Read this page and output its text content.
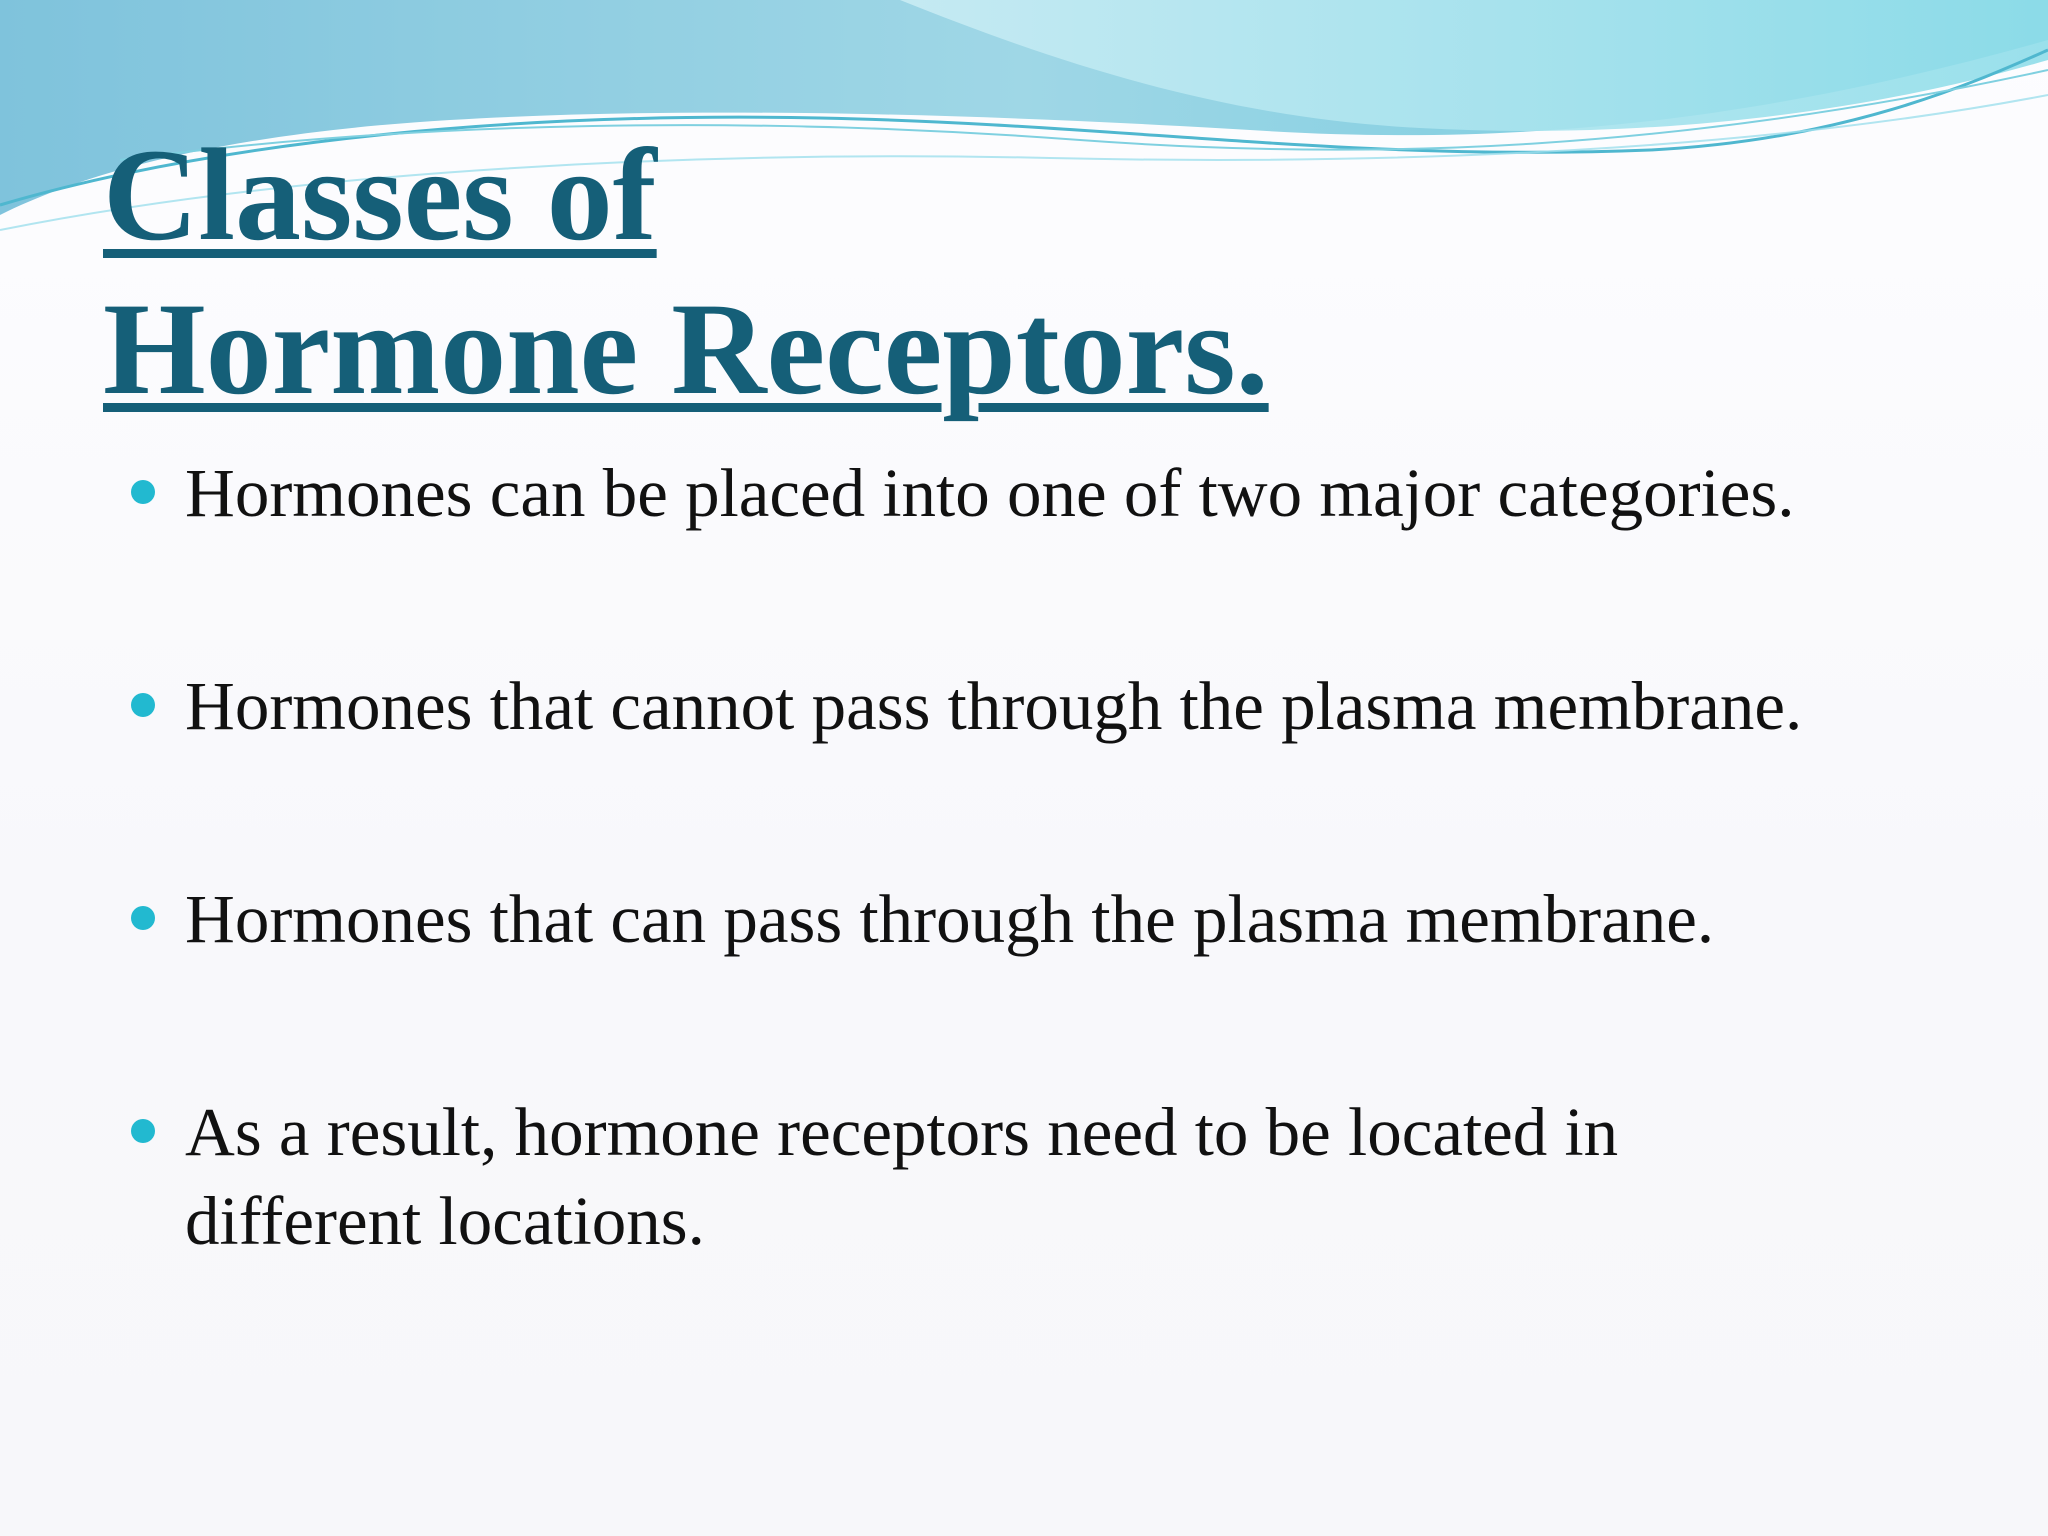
Classes of
Hormone Receptors.
Hormones can be placed into one of two major categories.
Hormones that cannot pass through the plasma membrane.
Hormones that can pass through the plasma membrane.
As a result, hormone receptors need to be located in
different locations.
